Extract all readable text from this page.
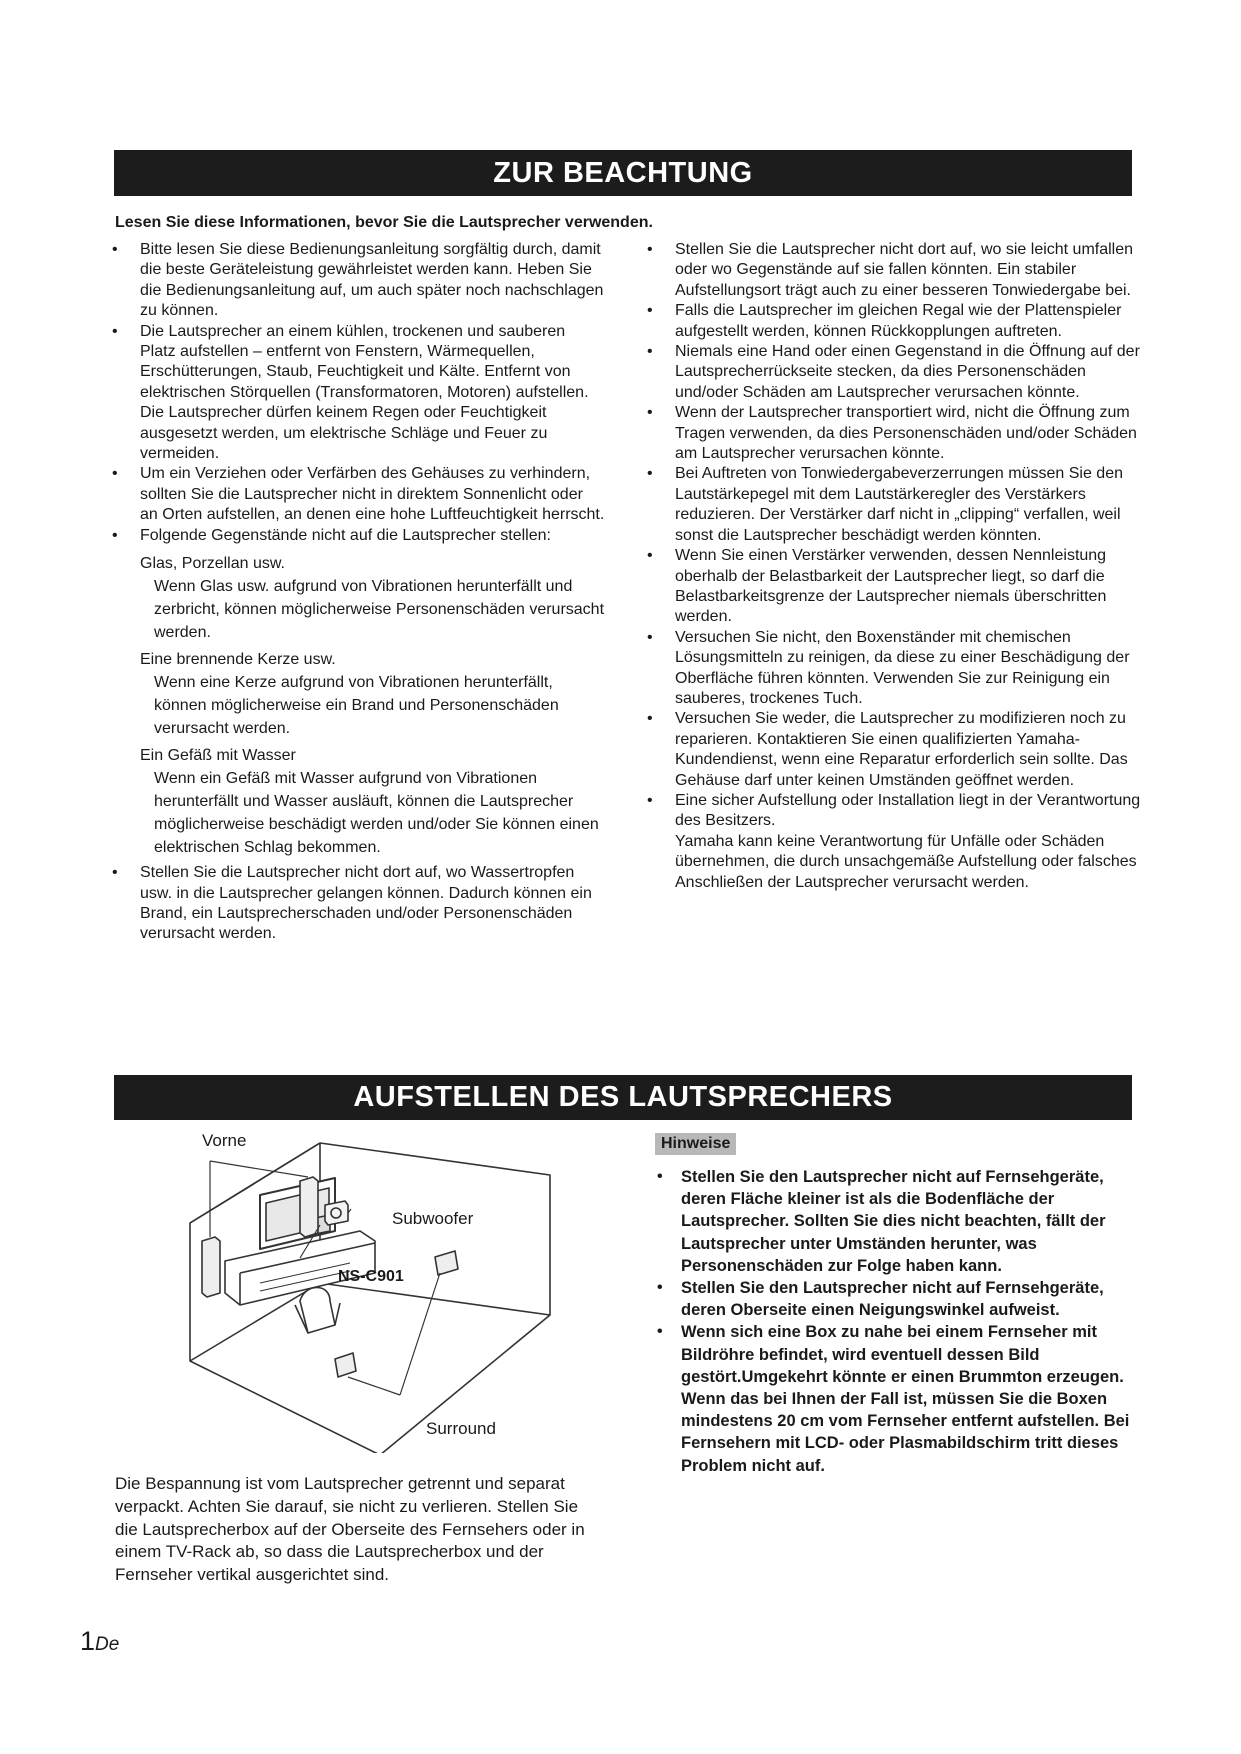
ZUR BEACHTUNG
Lesen Sie diese Informationen, bevor Sie die Lautsprecher verwenden.
• Bitte lesen Sie diese Bedienungsanleitung sorgfältig durch, damit die beste Geräteleistung gewährleistet werden kann. Heben Sie die Bedienungsanleitung auf, um auch später noch nachschlagen zu können.
• Die Lautsprecher an einem kühlen, trockenen und sauberen Platz aufstellen – entfernt von Fenstern, Wärmequellen, Erschütterungen, Staub, Feuchtigkeit und Kälte. Entfernt von elektrischen Störquellen (Transformatoren, Motoren) aufstellen. Die Lautsprecher dürfen keinem Regen oder Feuchtigkeit ausgesetzt werden, um elektrische Schläge und Feuer zu vermeiden.
• Um ein Verziehen oder Verfärben des Gehäuses zu verhindern, sollten Sie die Lautsprecher nicht in direktem Sonnenlicht oder an Orten aufstellen, an denen eine hohe Luftfeuchtigkeit herrscht.
• Folgende Gegenstände nicht auf die Lautsprecher stellen:
Glas, Porzellan usw.
Wenn Glas usw. aufgrund von Vibrationen herunterfällt und zerbricht, können möglicherweise Personenschäden verursacht werden.
Eine brennende Kerze usw.
Wenn eine Kerze aufgrund von Vibrationen herunterfällt, können möglicherweise ein Brand und Personenschäden verursacht werden.
Ein Gefäß mit Wasser
Wenn ein Gefäß mit Wasser aufgrund von Vibrationen herunterfällt und Wasser ausläuft, können die Lautsprecher möglicherweise beschädigt werden und/oder Sie können einen elektrischen Schlag bekommen.
• Stellen Sie die Lautsprecher nicht dort auf, wo Wassertropfen usw. in die Lautsprecher gelangen können. Dadurch können ein Brand, ein Lautsprecherschaden und/oder Personenschäden verursacht werden.
• Stellen Sie die Lautsprecher nicht dort auf, wo sie leicht umfallen oder wo Gegenstände auf sie fallen könnten. Ein stabiler Aufstellungsort trägt auch zu einer besseren Tonwiedergabe bei.
• Falls die Lautsprecher im gleichen Regal wie der Plattenspieler aufgestellt werden, können Rückkopplungen auftreten.
• Niemals eine Hand oder einen Gegenstand in die Öffnung auf der Lautsprecherrückseite stecken, da dies Personenschäden und/oder Schäden am Lautsprecher verursachen könnte.
• Wenn der Lautsprecher transportiert wird, nicht die Öffnung zum Tragen verwenden, da dies Personenschäden und/oder Schäden am Lautsprecher verursachen könnte.
• Bei Auftreten von Tonwiedergabeverzerrungen müssen Sie den Lautstärkepegel mit dem Lautstärkeregler des Verstärkers reduzieren. Der Verstärker darf nicht in „clipping“ verfallen, weil sonst die Lautsprecher beschädigt werden könnten.
• Wenn Sie einen Verstärker verwenden, dessen Nennleistung oberhalb der Belastbarkeit der Lautsprecher liegt, so darf die Belastbarkeitsgrenze der Lautsprecher niemals überschritten werden.
• Versuchen Sie nicht, den Boxenständer mit chemischen Lösungsmitteln zu reinigen, da diese zu einer Beschädigung der Oberfläche führen könnten. Verwenden Sie zur Reinigung ein sauberes, trockenes Tuch.
• Versuchen Sie weder, die Lautsprecher zu modifizieren noch zu reparieren. Kontaktieren Sie einen qualifizierten Yamaha-Kundendienst, wenn eine Reparatur erforderlich sein sollte. Das Gehäuse darf unter keinen Umständen geöffnet werden.
• Eine sicher Aufstellung oder Installation liegt in der Verantwortung des Besitzers.
Yamaha kann keine Verantwortung für Unfälle oder Schäden übernehmen, die durch unsachgemäße Aufstellung oder falsches Anschließen der Lautsprecher verursacht werden.
AUFSTELLEN DES LAUTSPRECHERS
Vorne
Subwoofer
NS-C901
Surround
Die Bespannung ist vom Lautsprecher getrennt und separat verpackt. Achten Sie darauf, sie nicht zu verlieren. Stellen Sie die Lautsprecherbox auf der Oberseite des Fernsehers oder in einem TV-Rack ab, so dass die Lautsprecherbox und der Fernseher vertikal ausgerichtet sind.
Hinweise
• Stellen Sie den Lautsprecher nicht auf Fernsehgeräte, deren Fläche kleiner ist als die Bodenfläche der Lautsprecher. Sollten Sie dies nicht beachten, fällt der Lautsprecher unter Umständen herunter, was Personenschäden zur Folge haben kann.
• Stellen Sie den Lautsprecher nicht auf Fernsehgeräte, deren Oberseite einen Neigungswinkel aufweist.
• Wenn sich eine Box zu nahe bei einem Fernseher mit Bildröhre befindet, wird eventuell dessen Bild gestört.Umgekehrt könnte er einen Brummton erzeugen. Wenn das bei Ihnen der Fall ist, müssen Sie die Boxen mindestens 20 cm vom Fernseher entfernt aufstellen. Bei Fernsehern mit LCD- oder Plasmabildschirm tritt dieses Problem nicht auf.
1De
